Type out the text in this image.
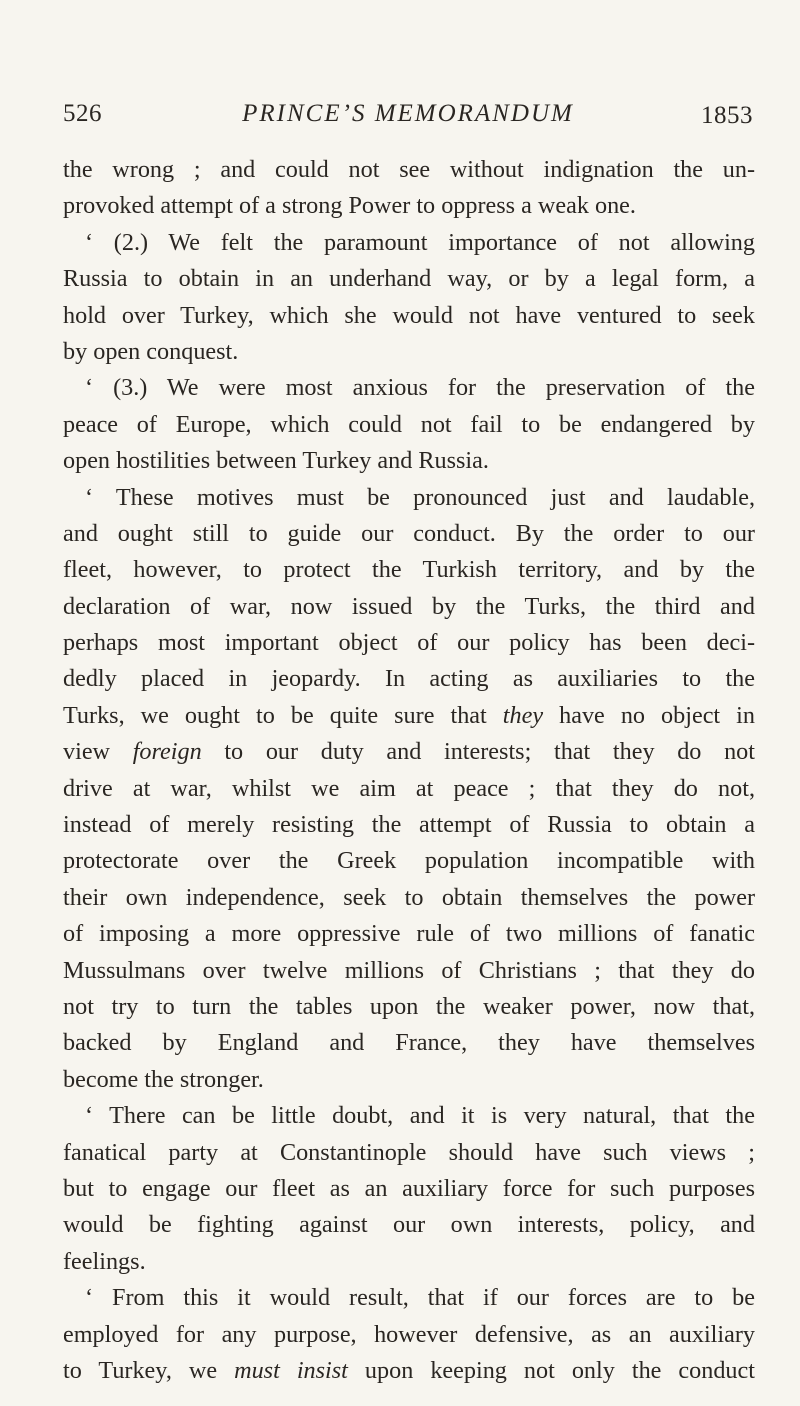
526	PRINCE’S MEMORANDUM	1853
the wrong ; and could not see without indignation the un-
provoked attempt of a strong Power to oppress a weak one.
‘ (2.) We felt the paramount importance of not allowing
Russia to obtain in an underhand way, or by a legal form, a
hold over Turkey, which she would not have ventured to seek
by open conquest.
‘ (3.) We were most anxious for the preservation of the
peace of Europe, which could not fail to be endangered by
open hostilities between Turkey and Russia.
‘ These motives must be pronounced just and laudable,
and ought still to guide our conduct. By the order to our
fleet, however, to protect the Turkish territory, and by the
declaration of war, now issued by the Turks, the third and
perhaps most important object of our policy has been deci-
dedly placed in jeopardy. In acting as auxiliaries to the
Turks, we ought to be quite sure that they have no object in
view foreign to our duty and interests; that they do not
drive at war, whilst we aim at peace ; that they do not,
instead of merely resisting the attempt of Russia to obtain a
protectorate over the Greek population incompatible with
their own independence, seek to obtain themselves the power
of imposing a more oppressive rule of two millions of fanatic
Mussulmans over twelve millions of Christians ; that they do
not try to turn the tables upon the weaker power, now that,
backed by England and France, they have themselves
become the stronger.
‘ There can be little doubt, and it is very natural, that the
fanatical party at Constantinople should have such views ;
but to engage our fleet as an auxiliary force for such purposes
would be fighting against our own interests, policy, and
feelings.
‘ From this it would result, that if our forces are to be
employed for any purpose, however defensive, as an auxiliary
to Turkey, we must insist upon keeping not only the conduct
